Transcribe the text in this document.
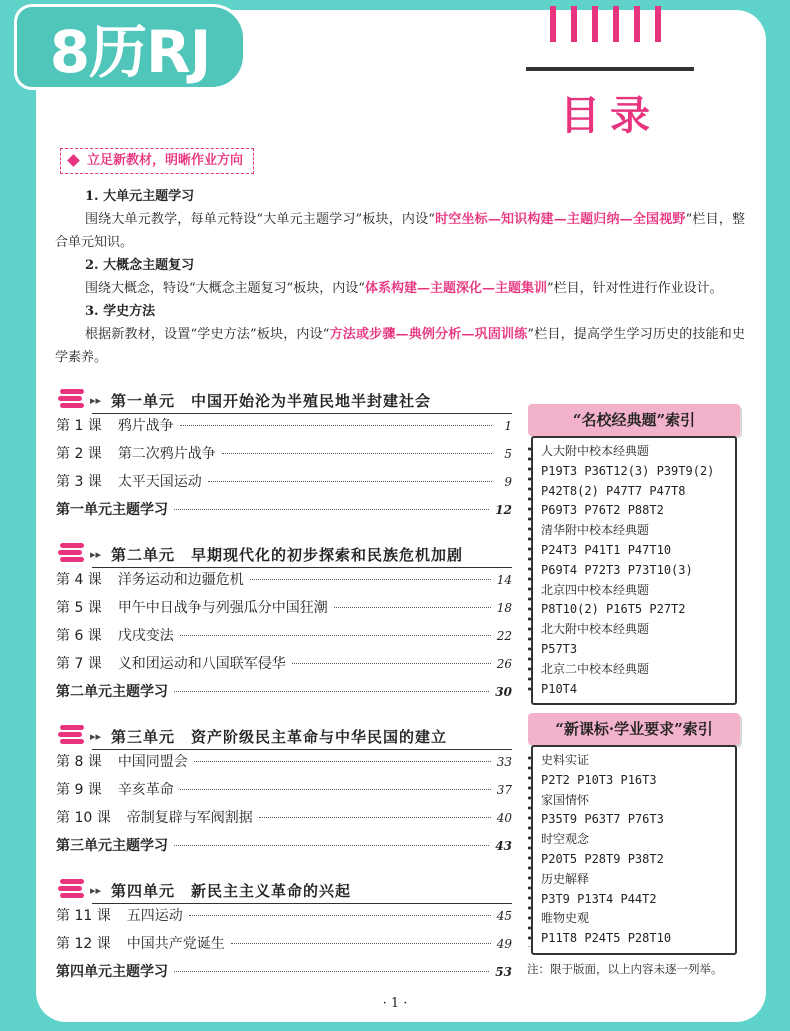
8历RJ
目录
立足新教材，明晰作业方向
1. 大单元主题学习

围绕大单元教学，每单元特设“大单元主题学习”板块，内设“时空坐标—知识构建—主题归纳—全国视野”栏目，整合单元知识。

2. 大概念主题复习

围绕大概念，特设“大概念主题复习”板块，内设“体系构建—主题深化—主题集训”栏目，针对性进行作业设计。

3. 学史方法

根据新教材，设置“学史方法”板块，内设“方法或步骤—典例分析—巩固训练”栏目，提高学生学习历史的技能和史学素养。

▸▸ 第一单元　中国开始沦为半殖民地半封建社会
第 1 课 鸦片战争	1
第 2 课 第二次鸦片战争	5
第 3 课 太平天国运动	9
第一单元主题学习	12
▸▸ 第二单元　早期现代化的初步探索和民族危机加剧
第 4 课 洋务运动和边疆危机	14
第 5 课 甲午中日战争与列强瓜分中国狂潮	18
第 6 课 戊戌变法	22
第 7 课 义和团运动和八国联军侵华	26
第二单元主题学习	30
▸▸ 第三单元　资产阶级民主革命与中华民国的建立
第 8 课 中国同盟会	33
第 9 课 辛亥革命	37
第 10 课 帝制复辟与军阀割据	40
第三单元主题学习	43
▸▸ 第四单元　新民主主义革命的兴起
第 11 课 五四运动	45
第 12 课 中国共产党诞生	49
第四单元主题学习	53
“名校经典题”索引
人大附中校本经典题
P19T3 P36T12(3) P39T9(2)
P42T8(2) P47T7 P47T8
P69T3 P76T2 P88T2
清华附中校本经典题
P24T3 P41T1 P47T10
P69T4 P72T3 P73T10(3)
北京四中校本经典题
P8T10(2) P16T5 P27T2
北大附中校本经典题
P57T3
北京二中校本经典题
P10T4
“新课标·学业要求”索引
史料实证
P2T2 P10T3 P16T3
家国情怀
P35T9 P63T7 P76T3
时空观念
P20T5 P28T9 P38T2
历史解释
P3T9 P13T4 P44T2
唯物史观
P11T8 P24T5 P28T10
注：限于版面，以上内容未逐一列举。
· 1 ·
